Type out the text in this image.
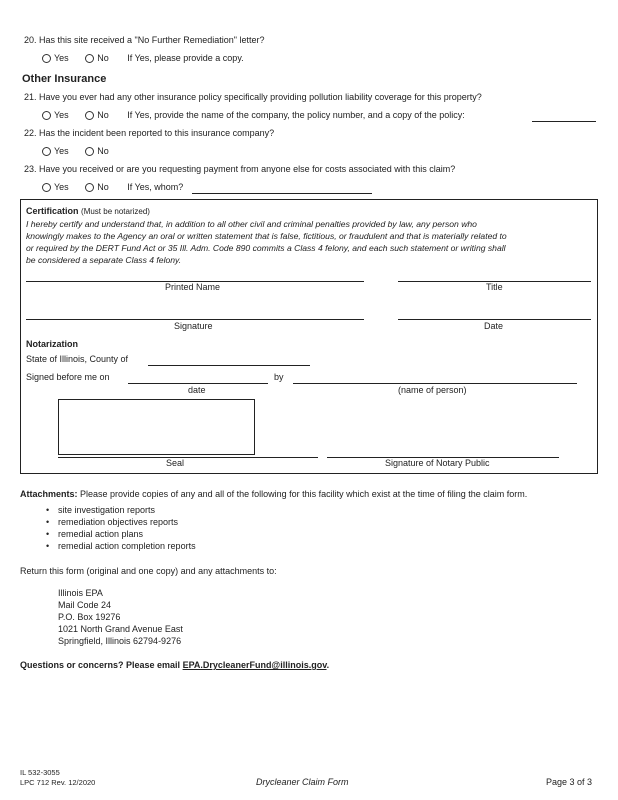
20. Has this site received a "No Further Remediation" letter?
Yes	No If Yes, please provide a copy.
Other Insurance
21. Have you ever had any other insurance policy specifically providing pollution liability coverage for this property?
Yes	No If Yes, provide the name of the company, the policy number, and a copy of the policy:
22. Has the incident been reported to this insurance company?
Yes	No
23. Have you received or are you requesting payment from anyone else for costs associated with this claim?
Yes	No If Yes, whom?
Certification (Must be notarized)
I hereby certify and understand that, in addition to all other civil and criminal penalties provided by law, any person who
knowingly makes to the Agency an oral or written statement that is false, fictitious, or fraudulent and that is materially related to
or required by the DERT Fund Act or 35 Ill. Adm. Code 890 commits a Class 4 felony, and each such statement or writing shall
be considered a separate Class 4 felony.
Printed Name	Title
Signature	Date
Notarization
State of Illinois, County of
Signed before me on	by
date	(name of person)
Seal	Signature of Notary Public
Attachments: Please provide copies of any and all of the following for this facility which exist at the time of filing the claim form.
• site investigation reports
• remediation objectives reports
• remedial action plans
• remedial action completion reports
Return this form (original and one copy) and any attachments to:
Illinois EPA
Mail Code 24
P.O. Box 19276
1021 North Grand Avenue East
Springfield, Illinois 62794-9276
Questions or concerns? Please email EPA.DrycleanerFund@illinois.gov.
IL 532-3055
LPC 712 Rev. 12/2020	Drycleaner Claim Form	Page 3 of 3
